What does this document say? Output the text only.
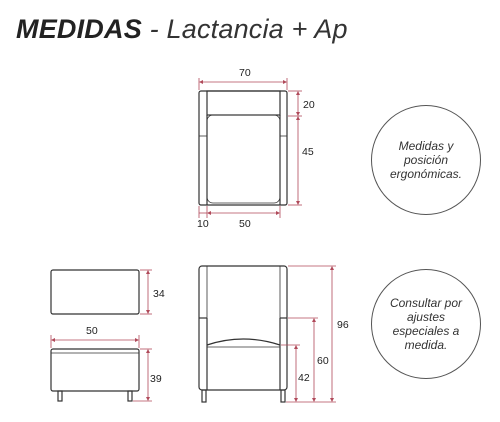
MEDIDAS - Lactancia + Ap
70
20
45
10	50
34
50
39
96
60
42
Medidas y
posición
ergonómicas.
Consultar por
ajustes
especiales a
medida.
